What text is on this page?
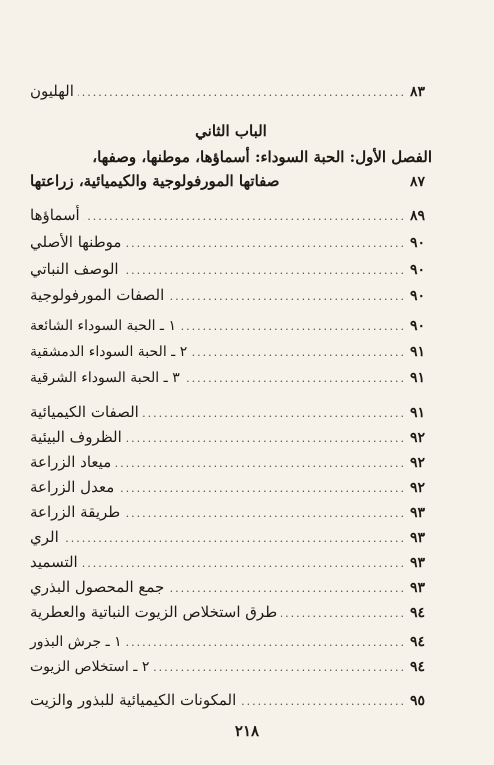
الهليون .....	٨٣
الباب الثاني
الفصل الأول: الحبة السوداء: أسماؤها، موطنها، وصفها،
صفاتها المورفولوجية والكيميائية، زراعتها	٨٧
أسماؤها .....	٨٩
موطنها الأصلي .....	٩٠
الوصف النباتي .....	٩٠
الصفات المورفولوجية .....	٩٠
١ ـ الحبة السوداء الشائعة .....	٩٠
٢ ـ الحبة السوداء الدمشقية .....	٩١
٣ ـ الحبة السوداء الشرقية .....	٩١
الصفات الكيميائية .....	٩١
الظروف البيئية .....	٩٢
ميعاد الزراعة .....	٩٢
معدل الزراعة .....	٩٢
طريقة الزراعة .....	٩٣
الري .....	٩٣
التسميد .....	٩٣
جمع المحصول البذري .....	٩٣
طرق استخلاص الزيوت النباتية والعطرية .....	٩٤
١ ـ جرش البذور .....	٩٤
٢ ـ استخلاص الزيوت .....	٩٤
المكونات الكيميائية للبذور والزيت .....	٩٥
٢١٨
